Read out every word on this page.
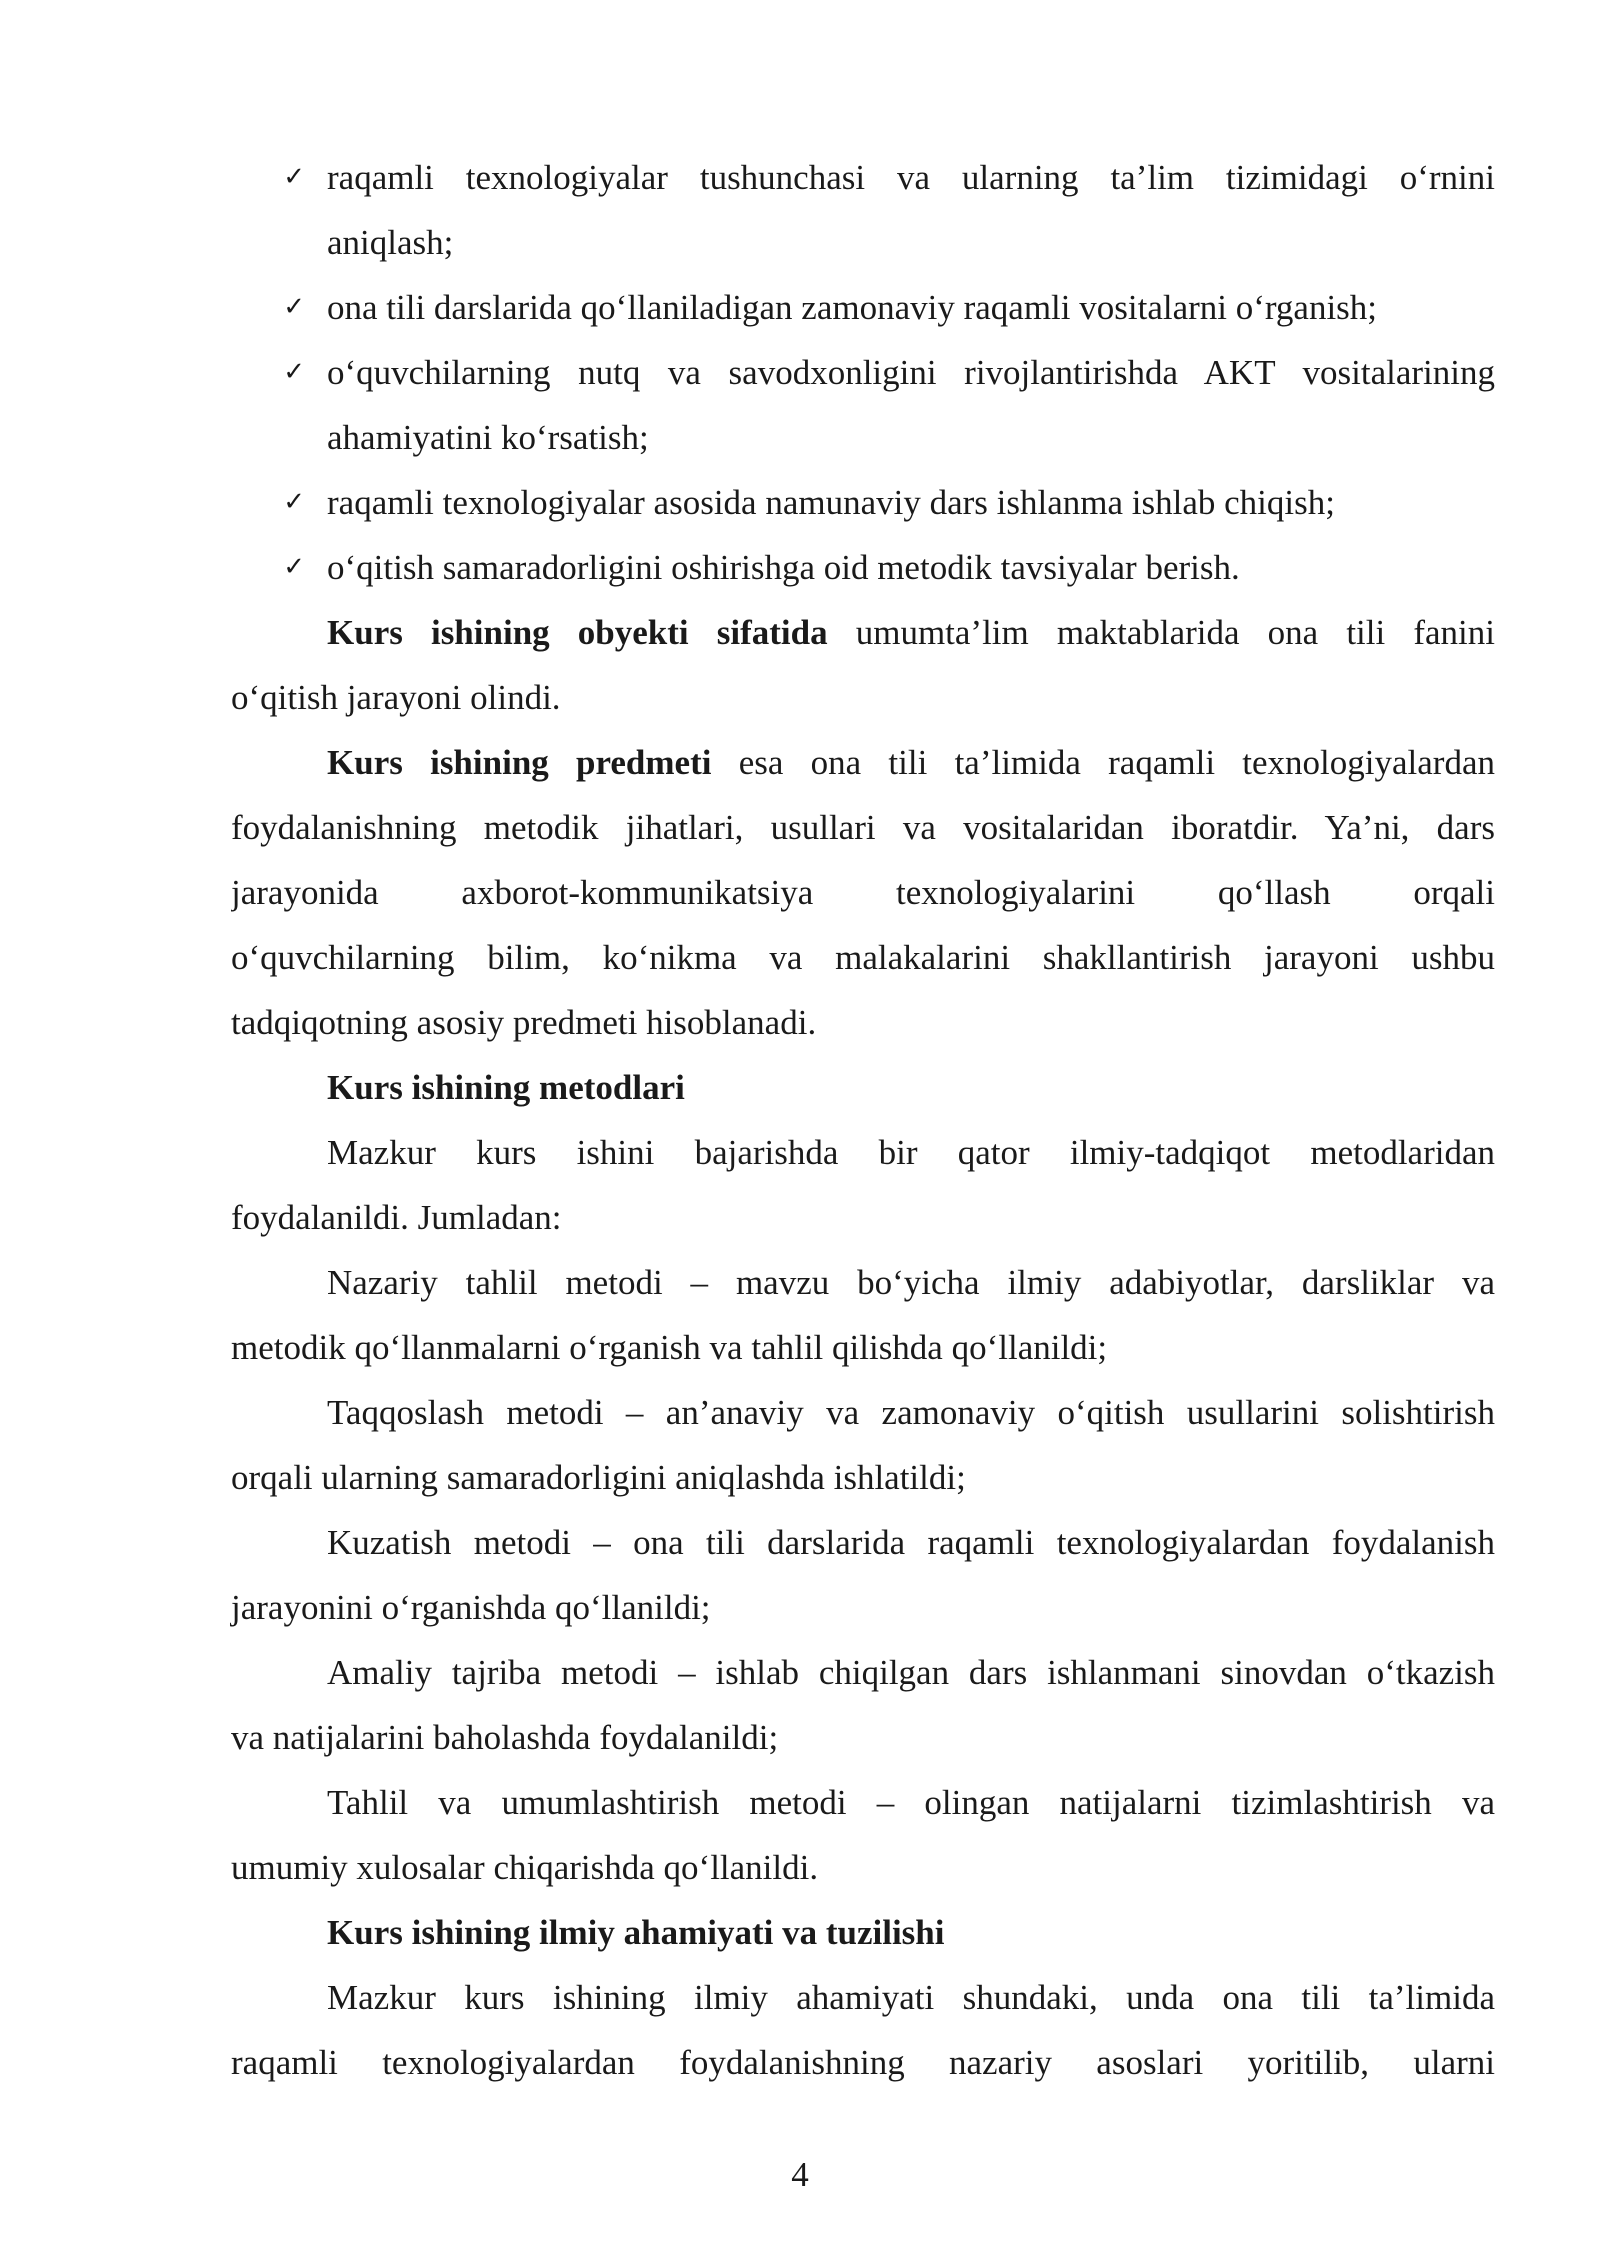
✓ raqamli texnologiyalar tushunchasi va ularning ta’lim tizimidagi o‘rnini
aniqlash;
✓ ona tili darslarida qo‘llaniladigan zamonaviy raqamli vositalarni o‘rganish;
✓ o‘quvchilarning nutq va savodxonligini rivojlantirishda AKT vositalarining
ahamiyatini ko‘rsatish;
✓ raqamli texnologiyalar asosida namunaviy dars ishlanma ishlab chiqish;
✓ o‘qitish samaradorligini oshirishga oid metodik tavsiyalar berish.
Kurs ishining obyekti sifatida umumta’lim maktablarida ona tili fanini
o‘qitish jarayoni olindi.
Kurs ishining predmeti esa ona tili ta’limida raqamli texnologiyalardan
foydalanishning metodik jihatlari, usullari va vositalaridan iboratdir. Ya’ni, dars
jarayonida axborot-kommunikatsiya texnologiyalarini qo‘llash orqali
o‘quvchilarning bilim, ko‘nikma va malakalarini shakllantirish jarayoni ushbu
tadqiqotning asosiy predmeti hisoblanadi.
Kurs ishining metodlari
Mazkur kurs ishini bajarishda bir qator ilmiy-tadqiqot metodlaridan
foydalanildi. Jumladan:
Nazariy tahlil metodi – mavzu bo‘yicha ilmiy adabiyotlar, darsliklar va
metodik qo‘llanmalarni o‘rganish va tahlil qilishda qo‘llanildi;
Taqqoslash metodi – an’anaviy va zamonaviy o‘qitish usullarini solishtirish
orqali ularning samaradorligini aniqlashda ishlatildi;
Kuzatish metodi – ona tili darslarida raqamli texnologiyalardan foydalanish
jarayonini o‘rganishda qo‘llanildi;
Amaliy tajriba metodi – ishlab chiqilgan dars ishlanmani sinovdan o‘tkazish
va natijalarini baholashda foydalanildi;
Tahlil va umumlashtirish metodi – olingan natijalarni tizimlashtirish va
umumiy xulosalar chiqarishda qo‘llanildi.
Kurs ishining ilmiy ahamiyati va tuzilishi
Mazkur kurs ishining ilmiy ahamiyati shundaki, unda ona tili ta’limida
raqamli texnologiyalardan foydalanishning nazariy asoslari yoritilib, ularni
4
